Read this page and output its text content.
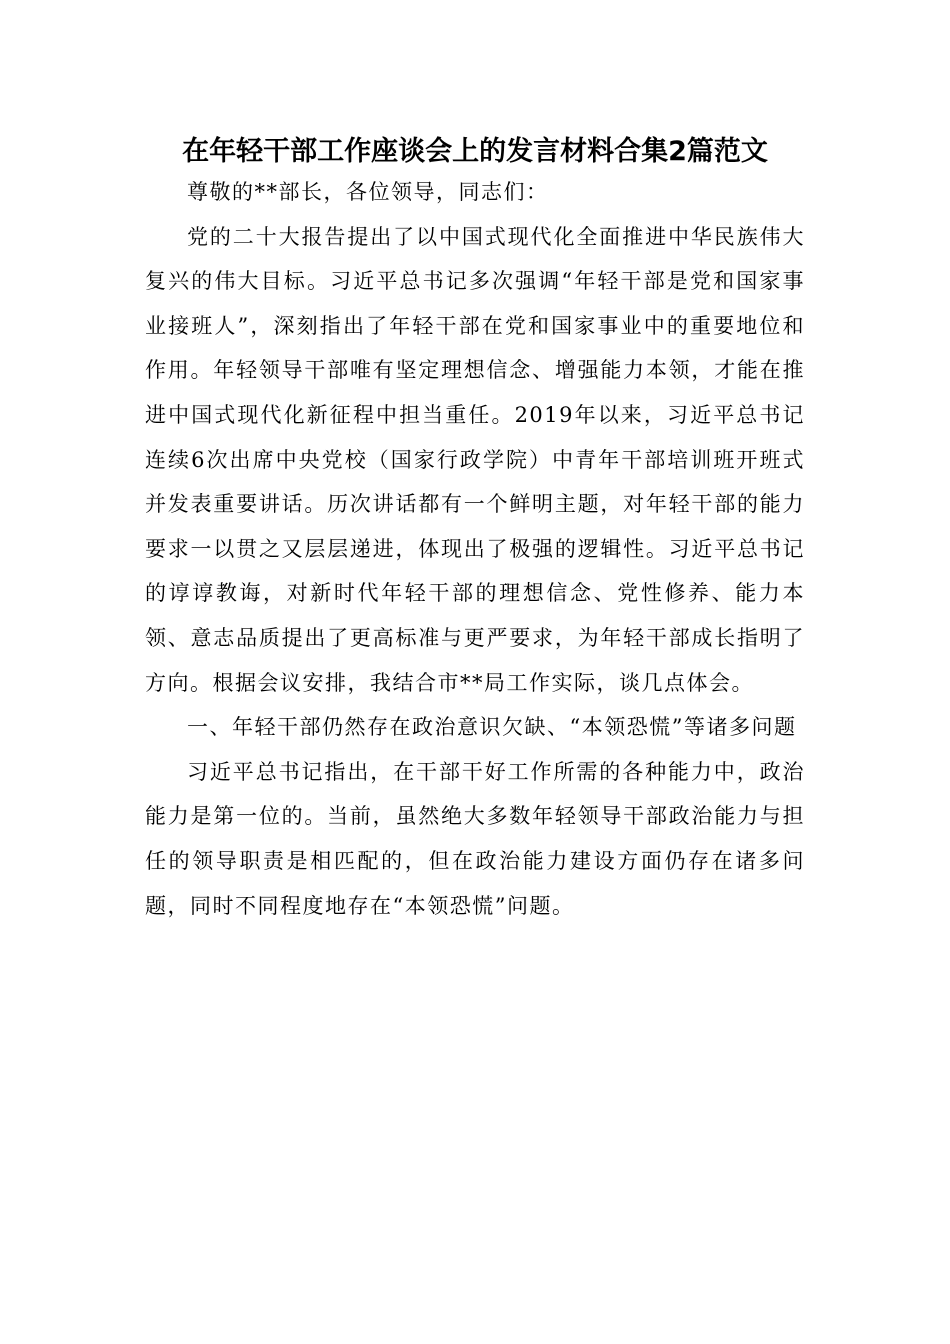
在年轻干部工作座谈会上的发言材料合集2篇范文

尊敬的**部长，各位领导，同志们：

党的二十大报告提出了以中国式现代化全面推进中华民族伟大复兴的伟大目标。习近平总书记多次强调“年轻干部是党和国家事业接班人”，深刻指出了年轻干部在党和国家事业中的重要地位和作用。年轻领导干部唯有坚定理想信念、增强能力本领，才能在推进中国式现代化新征程中担当重任。2019年以来，习近平总书记连续6次出席中央党校（国家行政学院）中青年干部培训班开班式并发表重要讲话。历次讲话都有一个鲜明主题，对年轻干部的能力要求一以贯之又层层递进，体现出了极强的逻辑性。习近平总书记的谆谆教诲，对新时代年轻干部的理想信念、党性修养、能力本领、意志品质提出了更高标准与更严要求，为年轻干部成长指明了方向。根据会议安排，我结合市**局工作实际，谈几点体会。

一、年轻干部仍然存在政治意识欠缺、“本领恐慌”等诸多问题

习近平总书记指出，在干部干好工作所需的各种能力中，政治能力是第一位的。当前，虽然绝大多数年轻领导干部政治能力与担任的领导职责是相匹配的，但在政治能力建设方面仍存在诸多问题，同时不同程度地存在“本领恐慌”问题。
